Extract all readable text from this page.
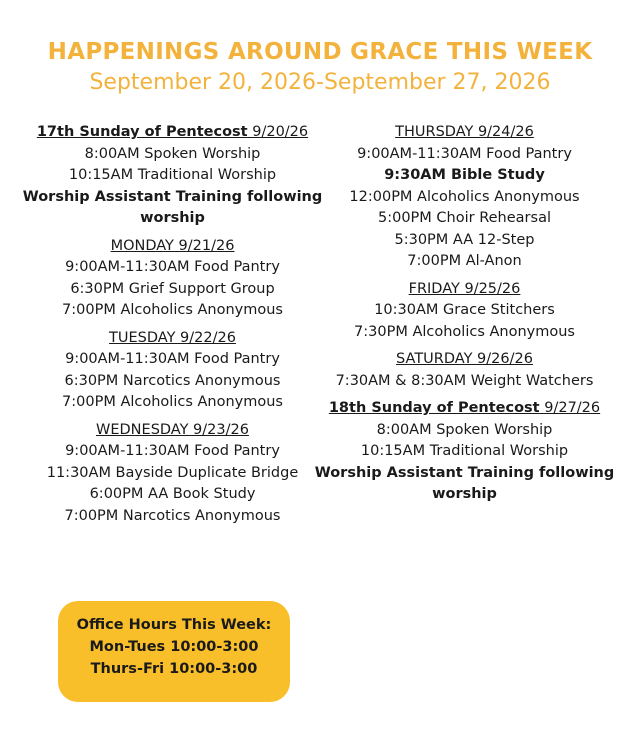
HAPPENINGS AROUND GRACE THIS WEEK
September 20, 2026-September 27, 2026
17th Sunday of Pentecost 9/20/26
8:00AM Spoken Worship
10:15AM Traditional Worship
Worship Assistant Training following worship
MONDAY 9/21/26
9:00AM-11:30AM Food Pantry
6:30PM Grief Support Group
7:00PM Alcoholics Anonymous
TUESDAY 9/22/26
9:00AM-11:30AM Food Pantry
6:30PM Narcotics Anonymous
7:00PM Alcoholics Anonymous
WEDNESDAY 9/23/26
9:00AM-11:30AM Food Pantry
11:30AM Bayside Duplicate Bridge
6:00PM AA Book Study
7:00PM Narcotics Anonymous
THURSDAY 9/24/26
9:00AM-11:30AM Food Pantry
9:30AM Bible Study
12:00PM Alcoholics Anonymous
5:00PM Choir Rehearsal
5:30PM AA 12-Step
7:00PM Al-Anon
FRIDAY 9/25/26
10:30AM Grace Stitchers
7:30PM Alcoholics Anonymous
SATURDAY 9/26/26
7:30AM & 8:30AM Weight Watchers
18th Sunday of Pentecost 9/27/26
8:00AM Spoken Worship
10:15AM Traditional Worship
Worship Assistant Training following worship
Office Hours This Week:
Mon-Tues 10:00-3:00
Thurs-Fri 10:00-3:00
